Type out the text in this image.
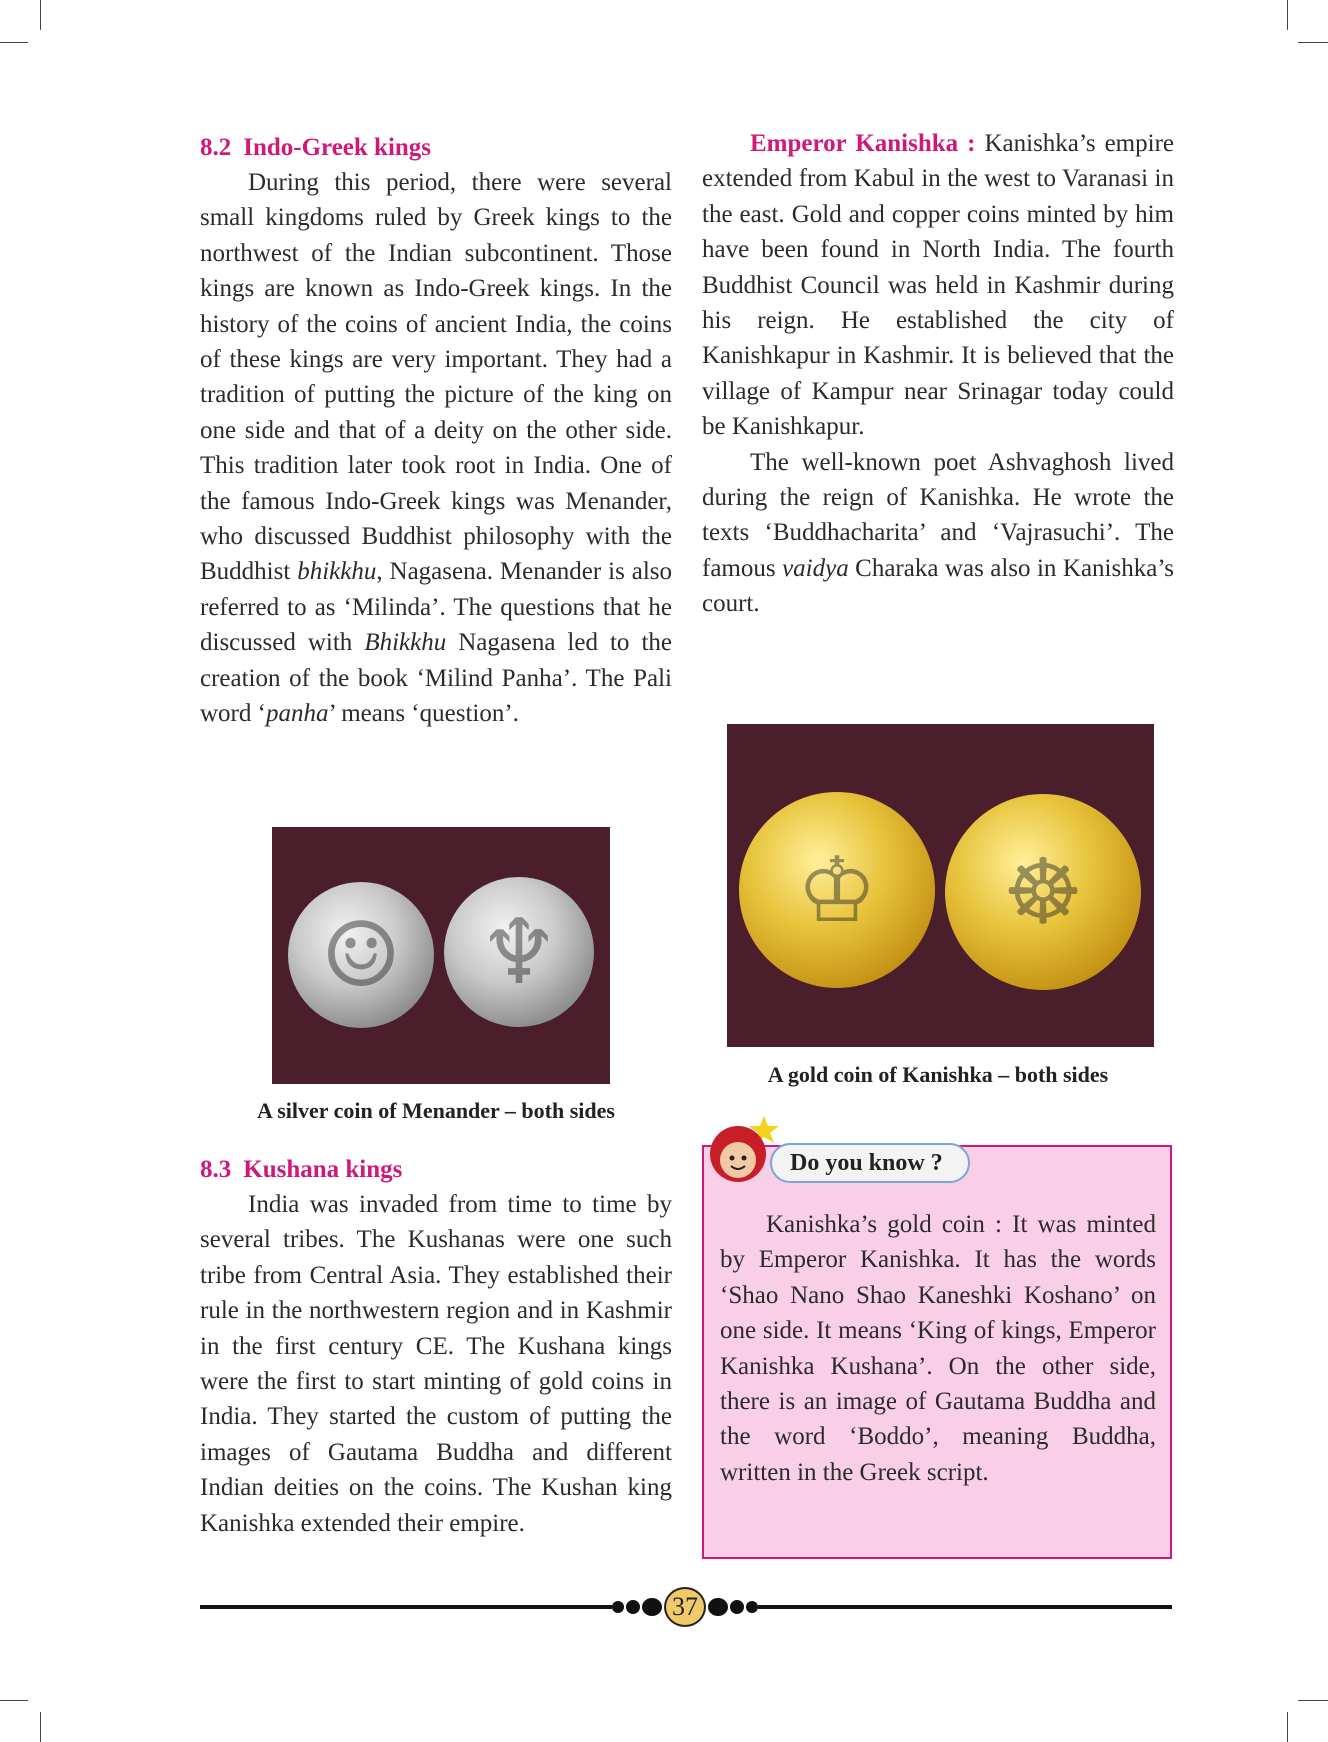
8.2 Indo-Greek kings

During this period, there were several small kingdoms ruled by Greek kings to the northwest of the Indian subcontinent. Those kings are known as Indo-Greek kings. In the history of the coins of ancient India, the coins of these kings are very important. They had a tradition of putting the picture of the king on one side and that of a deity on the other side. This tradition later took root in India. One of the famous Indo-Greek kings was Menander, who discussed Buddhist philosophy with the Buddhist bhikkhu, Nagasena. Menander is also referred to as ‘Milinda’. The questions that he discussed with Bhikkhu Nagasena led to the creation of the book ‘Milind Panha’. The Pali word ‘panha’ means ‘question’.

☺ ♆
A silver coin of Menander – both sides
8.3 Kushana kings

India was invaded from time to time by several tribes. The Kushanas were one such tribe from Central Asia. They established their rule in the northwestern region and in Kashmir in the first century CE. The Kushana kings were the first to start minting of gold coins in India. They started the custom of putting the images of Gautama Buddha and different Indian deities on the coins. The Kushan king Kanishka extended their empire.

Emperor Kanishka : Kanishka’s empire extended from Kabul in the west to Varanasi in the east. Gold and copper coins minted by him have been found in North India. The fourth Buddhist Council was held in Kashmir during his reign. He established the city of Kanishkapur in Kashmir. It is believed that the village of Kampur near Srinagar today could be Kanishkapur.

The well-known poet Ashvaghosh lived during the reign of Kanishka. He wrote the texts ‘Buddhacharita’ and ‘Vajrasuchi’. The famous vaidya Charaka was also in Kanishka’s court.

♔	☸
A gold coin of Kanishka – both sides

Kanishka’s gold coin : It was minted by Emperor Kanishka. It has the words ‘Shao Nano Shao Kaneshki Koshano’ on one side. It means ‘King of kings, Emperor Kanishka Kushana’. On the other side, there is an image of Gautama Buddha and the word ‘Boddo’, meaning Buddha, written in the Greek script.

Do you know ?
37
